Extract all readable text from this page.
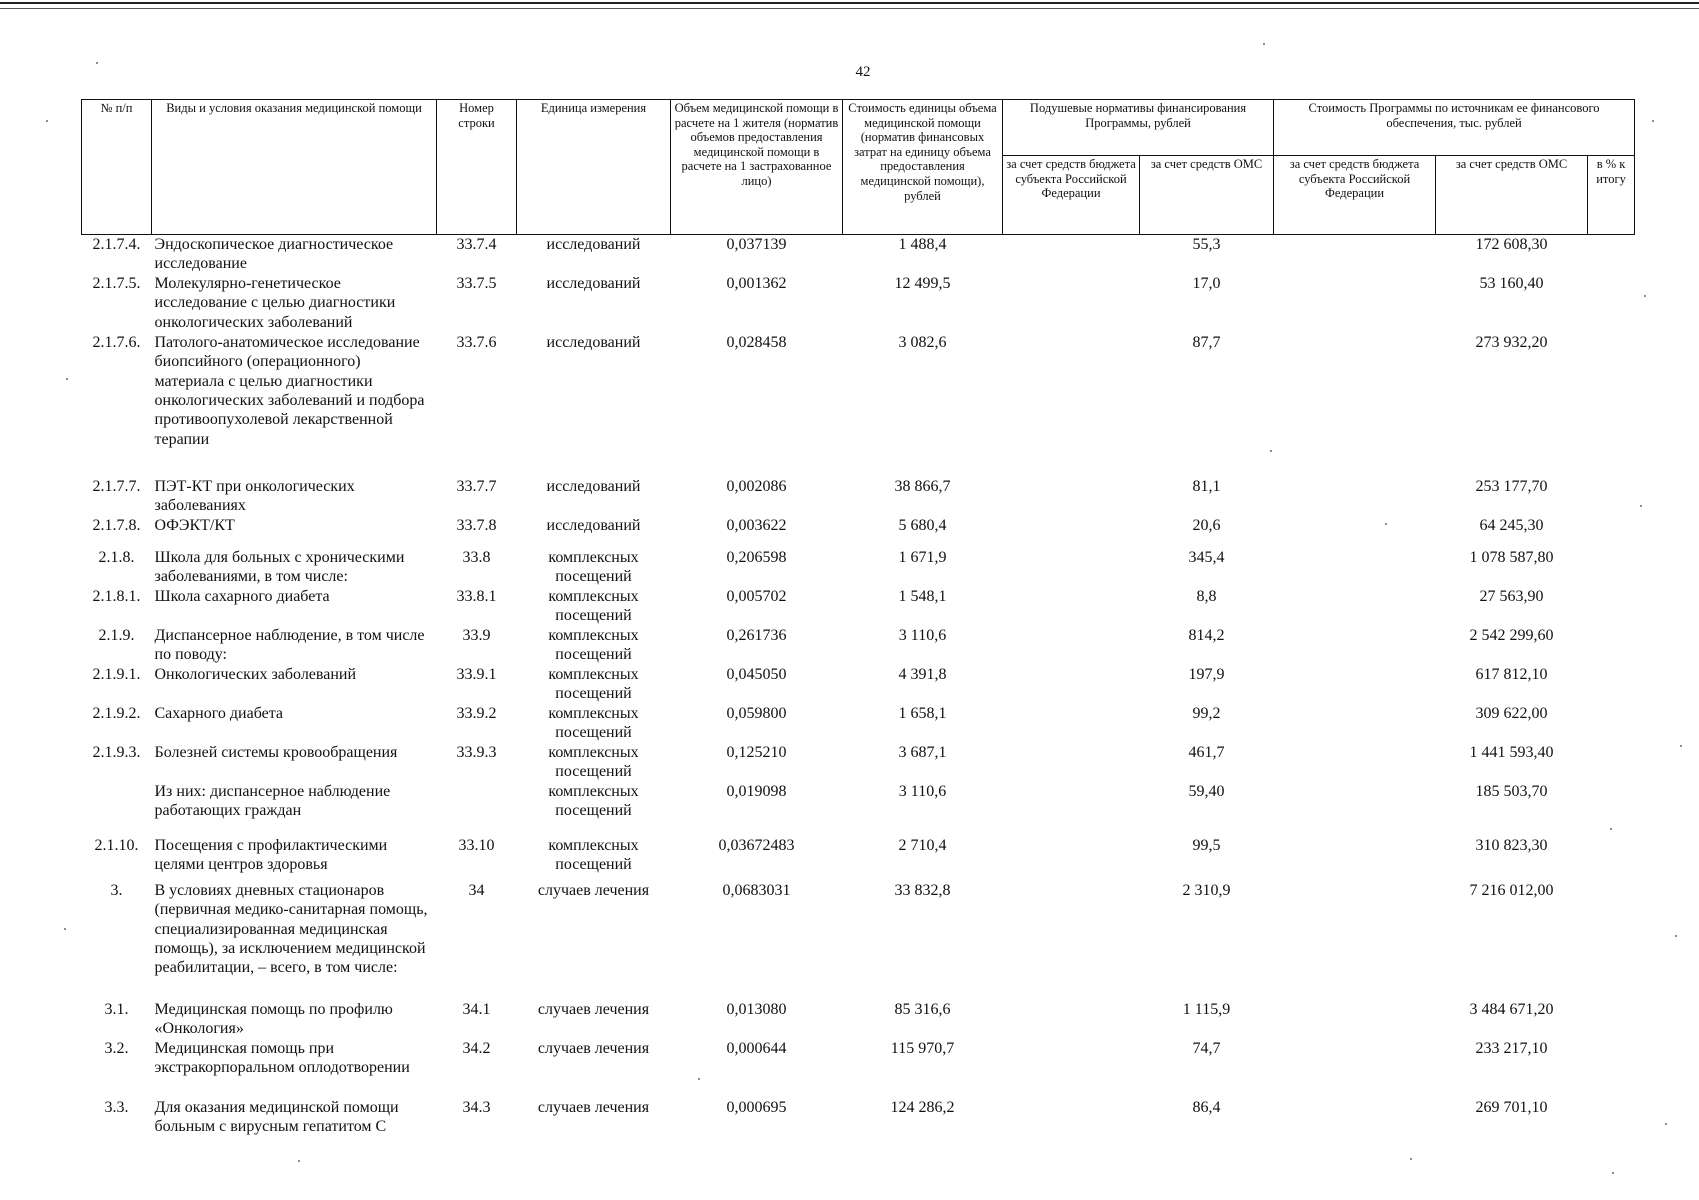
42
№ п/п	Виды и условия оказания медицинской помощи	Номер строки	Единица измерения	Объем медицинской помощи в расчете на 1 жителя (норматив объемов предоставления медицинской помощи в расчете на 1 застрахованное лицо)	Стоимость единицы объема медицинской помощи (норматив финансовых затрат на единицу объема предоставления медицинской помощи), рублей	Подушевые нормативы финансирования Программы, рублей		Стоимость Программы по источникам ее финансового обеспечения, тыс. рублей		
						за счет средств бюджета субъекта Российской Федерации	за счет средств ОМС	за счет средств бюджета субъекта Российской Федерации	за счет средств ОМС	в % к итогу
2.1.7.4.	Эндоскопическое диагностическое исследование	33.7.4	исследований	0,037139	1 488,4		55,3		172 608,30	
2.1.7.5.	Молекулярно-генетическое исследование с целью диагностики онкологических заболеваний	33.7.5	исследований	0,001362	12 499,5		17,0		53 160,40	
2.1.7.6.	Патолого-анатомическое исследование биопсийного (операционного) материала с целью диагностики онкологических заболеваний и подбора противоопухолевой лекарственной терапии	33.7.6	исследований	0,028458	3 082,6		87,7		273 932,20	
2.1.7.7.	ПЭТ-КТ при онкологических заболеваниях	33.7.7	исследований	0,002086	38 866,7		81,1		253 177,70	
2.1.7.8.	ОФЭКТ/КТ	33.7.8	исследований	0,003622	5 680,4		20,6		64 245,30	
2.1.8.	Школа для больных с хроническими заболеваниями, в том числе:	33.8	комплексных посещений	0,206598	1 671,9		345,4		1 078 587,80	
2.1.8.1.	Школа сахарного диабета	33.8.1	комплексных посещений	0,005702	1 548,1		8,8		27 563,90	
2.1.9.	Диспансерное наблюдение, в том числе по поводу:	33.9	комплексных посещений	0,261736	3 110,6		814,2		2 542 299,60	
2.1.9.1.	Онкологических заболеваний	33.9.1	комплексных посещений	0,045050	4 391,8		197,9		617 812,10	
2.1.9.2.	Сахарного диабета	33.9.2	комплексных посещений	0,059800	1 658,1		99,2		309 622,00	
2.1.9.3.	Болезней системы кровообращения	33.9.3	комплексных посещений	0,125210	3 687,1		461,7		1 441 593,40	
	Из них: диспансерное наблюдение работающих граждан		комплексных посещений	0,019098	3 110,6		59,40		185 503,70	
2.1.10.	Посещения с профилактическими целями центров здоровья	33.10	комплексных посещений	0,03672483	2 710,4		99,5		310 823,30	
3.	В условиях дневных стационаров (первичная медико-санитарная помощь, специализированная медицинская помощь), за исключением медицинской реабилитации, – всего, в том числе:	34	случаев лечения	0,0683031	33 832,8		2 310,9		7 216 012,00	
3.1.	Медицинская помощь по профилю «Онкология»	34.1	случаев лечения	0,013080	85 316,6		1 115,9		3 484 671,20	
3.2.	Медицинская помощь при экстракорпоральном оплодотворении	34.2	случаев лечения	0,000644	115 970,7		74,7		233 217,10	
3.3.	Для оказания медицинской помощи больным с вирусным гепатитом С	34.3	случаев лечения	0,000695	124 286,2		86,4		269 701,10	
